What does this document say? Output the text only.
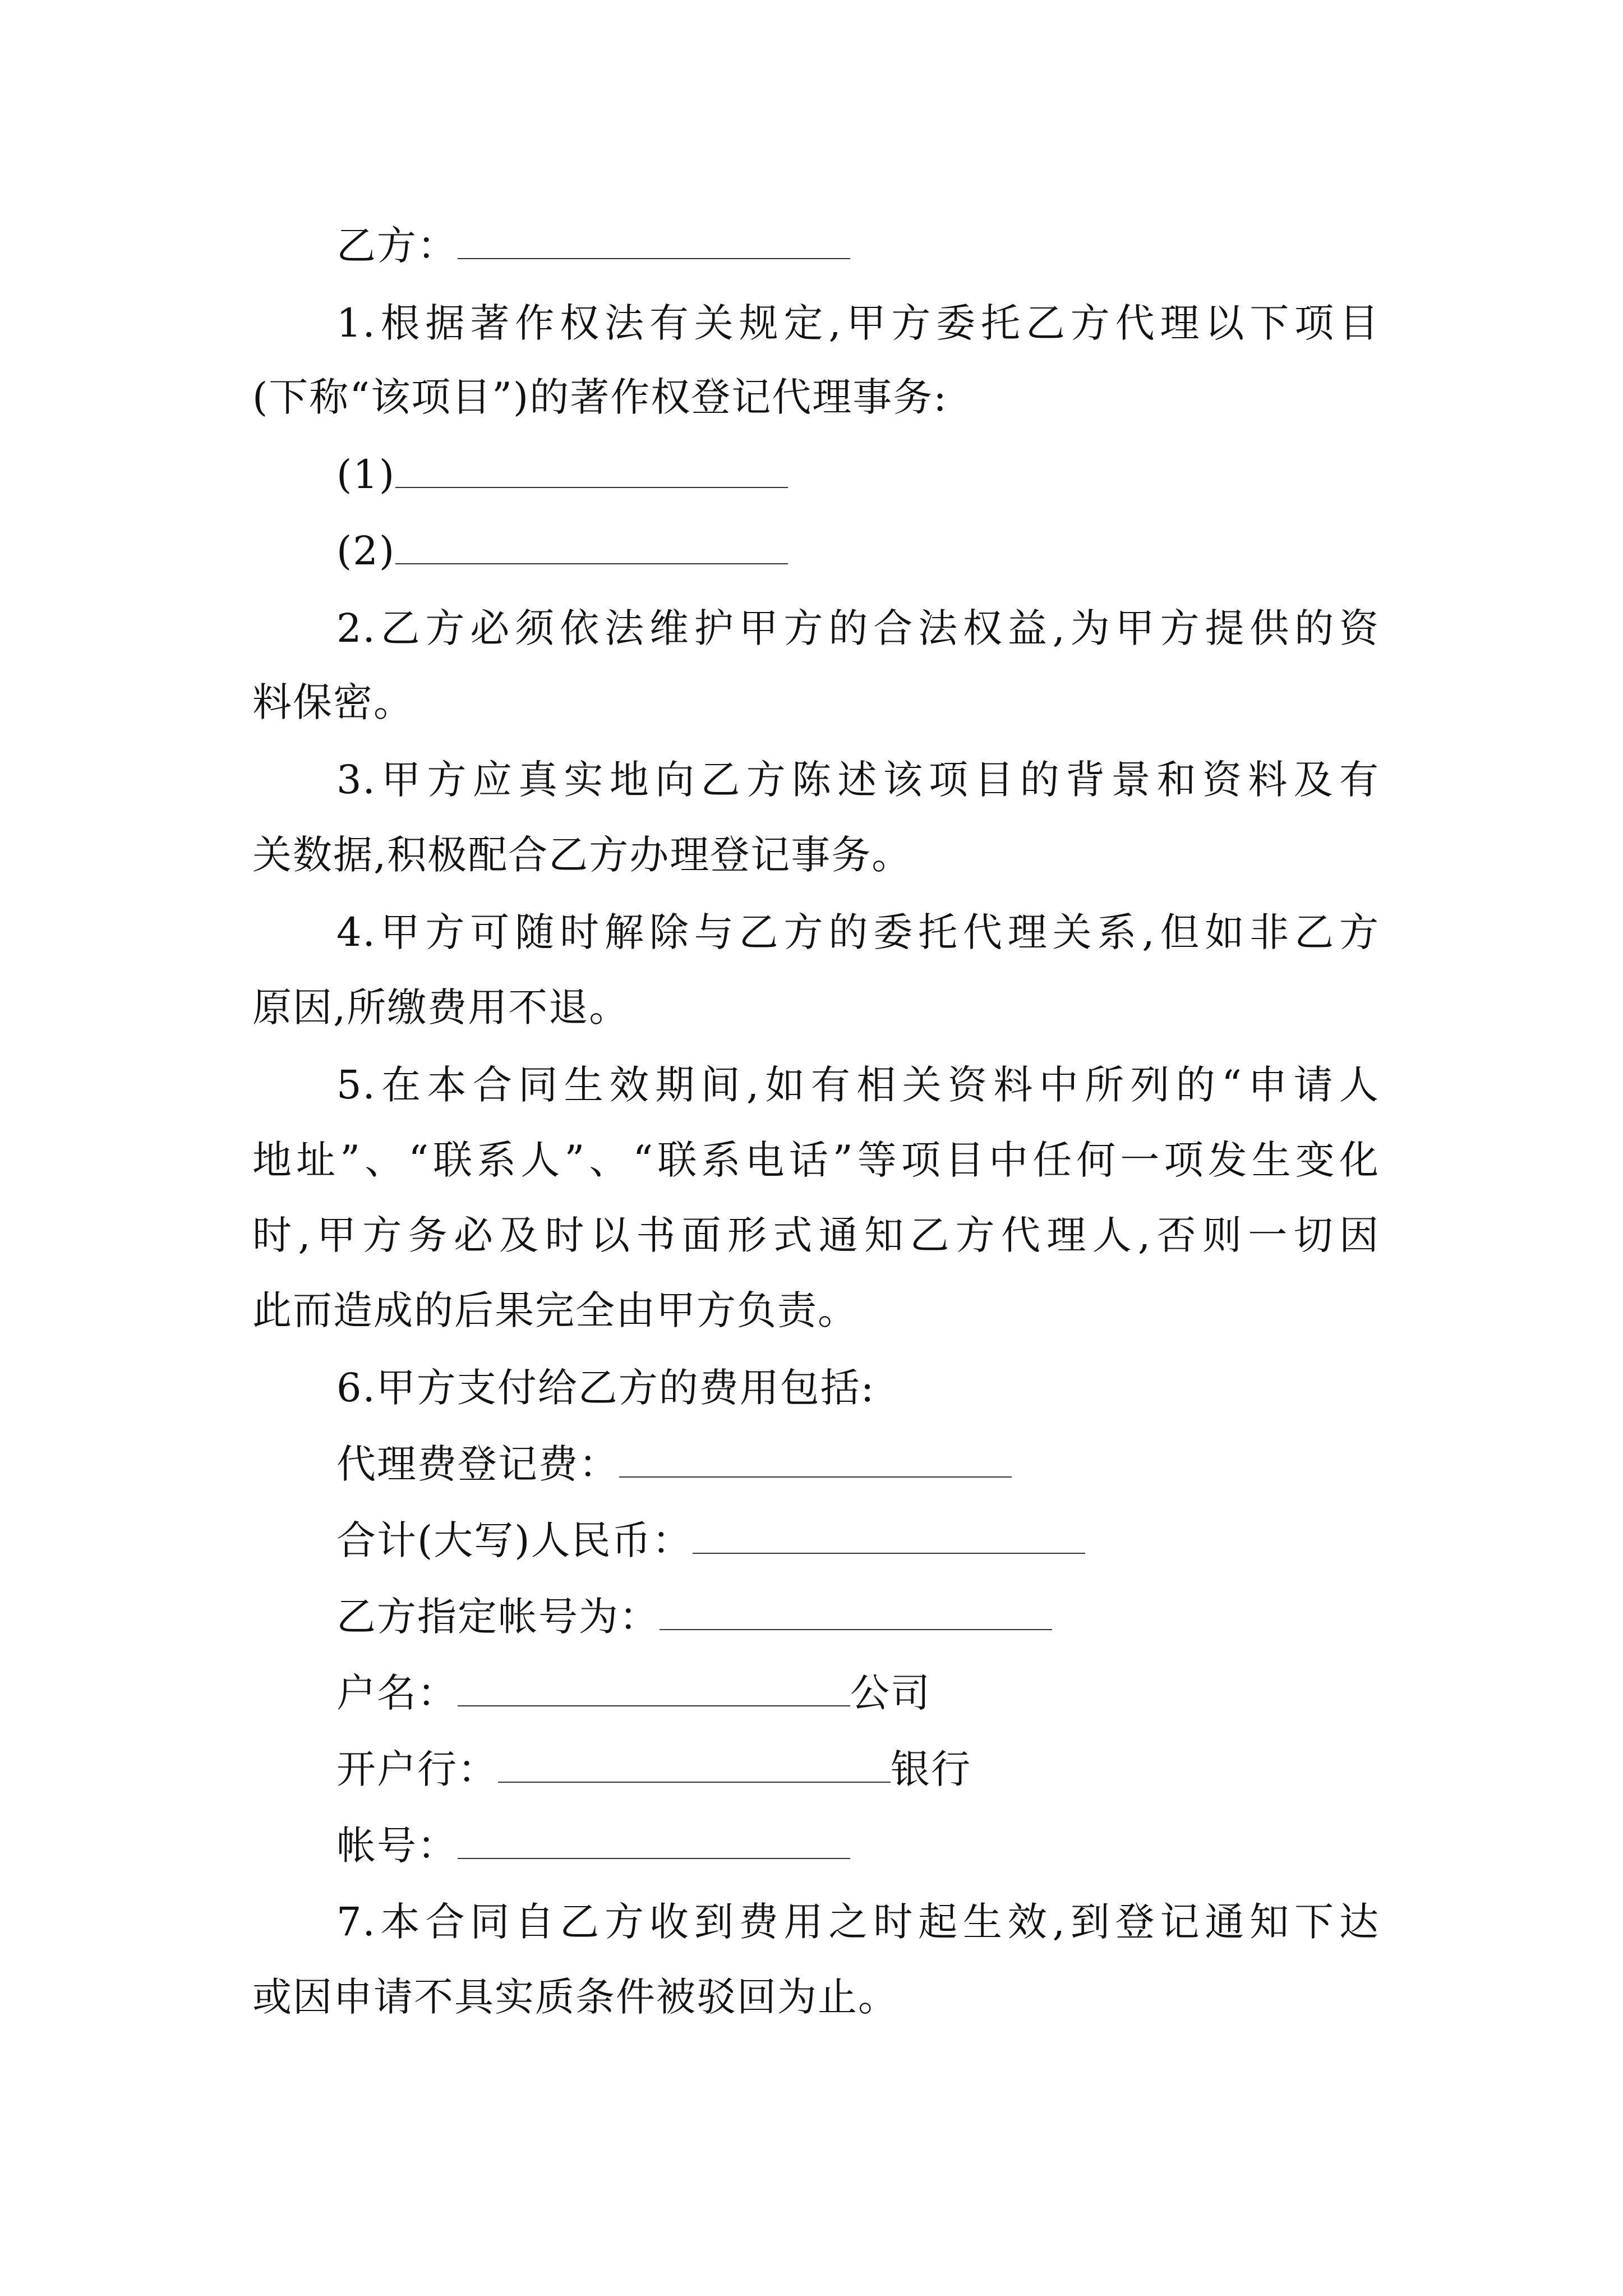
乙方：
1.根据著作权法有关规定,甲方委托乙方代理以下项目
(下称“该项目”)的著作权登记代理事务:
(1)
(2)
2.乙方必须依法维护甲方的合法权益,为甲方提供的资
料保密。
3.甲方应真实地向乙方陈述该项目的背景和资料及有
关数据,积极配合乙方办理登记事务。
4.甲方可随时解除与乙方的委托代理关系,但如非乙方
原因,所缴费用不退。
5.在本合同生效期间,如有相关资料中所列的“申请人
地址”、“联系人”、“联系电话”等项目中任何一项发生变化
时,甲方务必及时以书面形式通知乙方代理人,否则一切因
此而造成的后果完全由甲方负责。
6.甲方支付给乙方的费用包括:
代理费登记费：
合计(大写)人民币：
乙方指定帐号为：
户名：	公司
开户行：	银行
帐号：
7.本合同自乙方收到费用之时起生效,到登记通知下达
或因申请不具实质条件被驳回为止。
